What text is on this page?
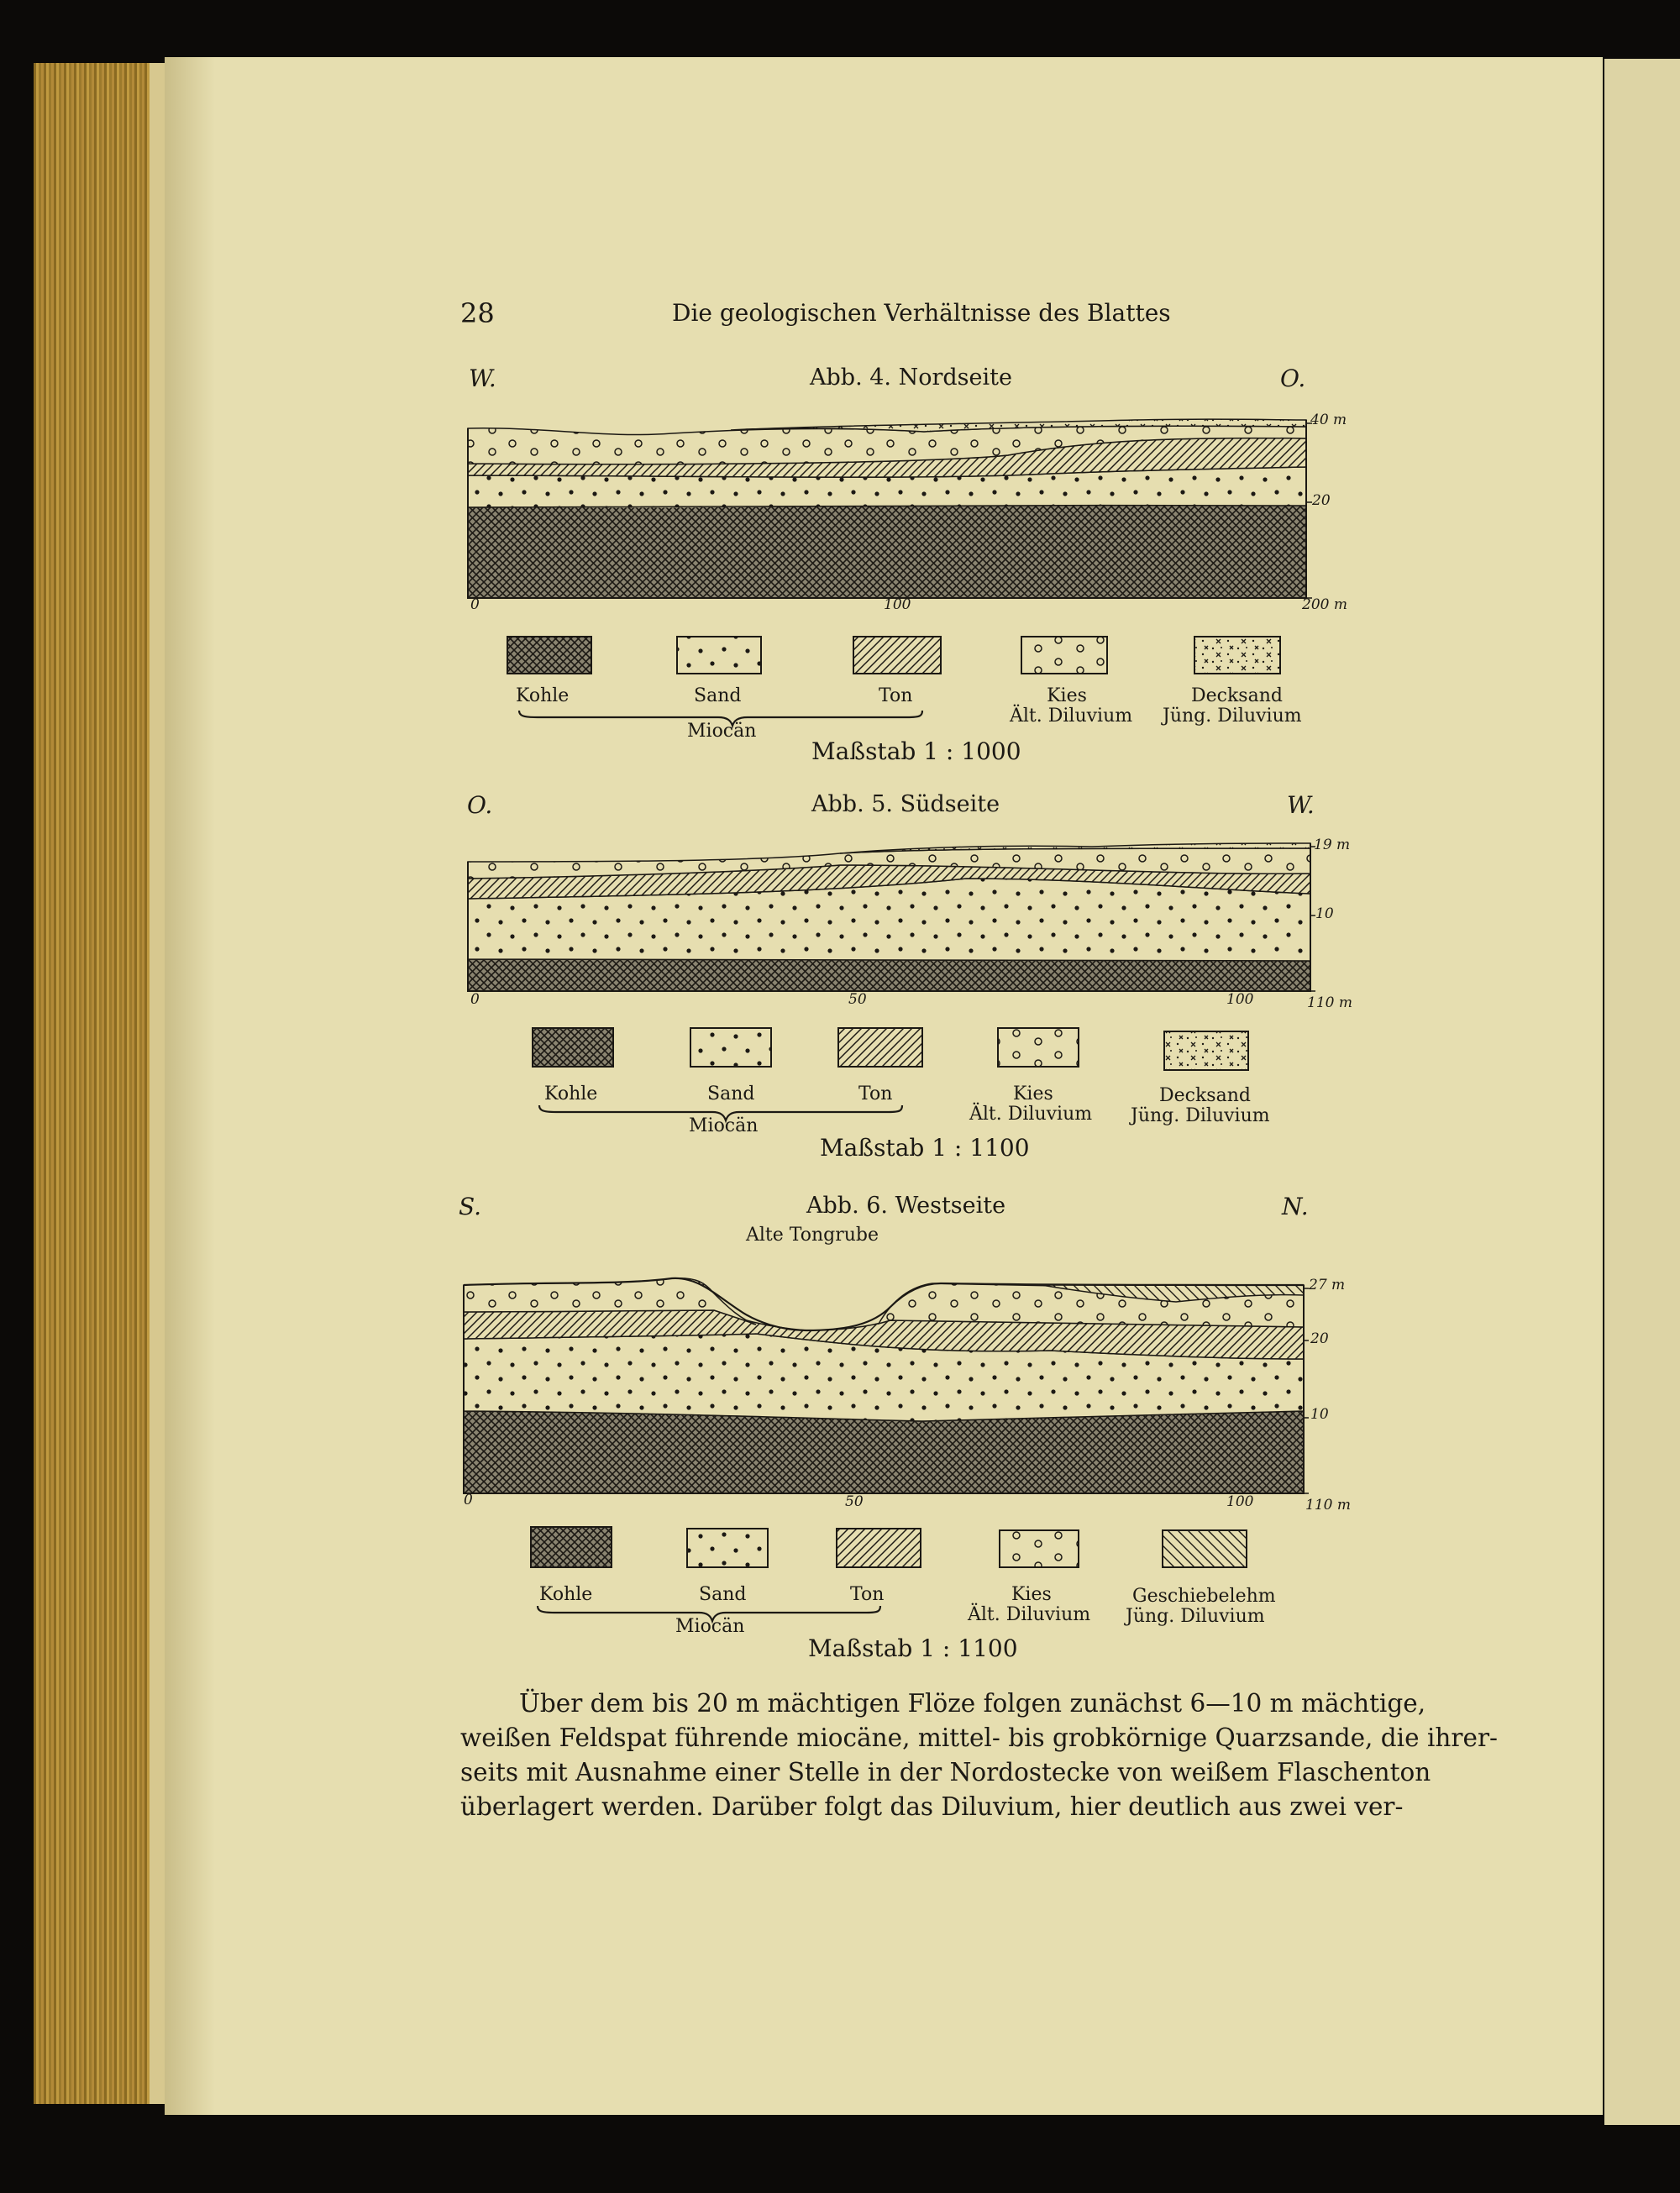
28	Die geologischen Verhältnisse des Blattes
W.	Abb. 4. Nordseite	O.
O.	Abb. 5. Südseite	W.
S.	Abb. 6. Westseite	N.
Alte Tongrube
40 m
20
0	100	200 m
Kohle	Sand	Ton	Kies
Ält. Diluvium
Decksand
Jüng. Diluvium
Miocän
Maßstab 1 : 1000
19 m
10
0	50	100	110 m
Kohle	Sand	Ton	Kies
Ält. Diluvium
Decksand
Jüng. Diluvium
Miocän
Maßstab 1 : 1100
27 m
20
10
0	50	100	110 m
Kohle	Sand	Ton	Kies
Ält. Diluvium
Geschiebelehm
Jüng. Diluvium
Miocän
Maßstab 1 : 1100
Über dem bis 20 m mächtigen Flöze folgen zunächst 6—10 m mächtige,
weißen Feldspat führende miocäne, mittel- bis grobkörnige Quarzsande, die ihrer-
seits mit Ausnahme einer Stelle in der Nordostecke von weißem Flaschenton
überlagert werden. Darüber folgt das Diluvium, hier deutlich aus zwei ver-
